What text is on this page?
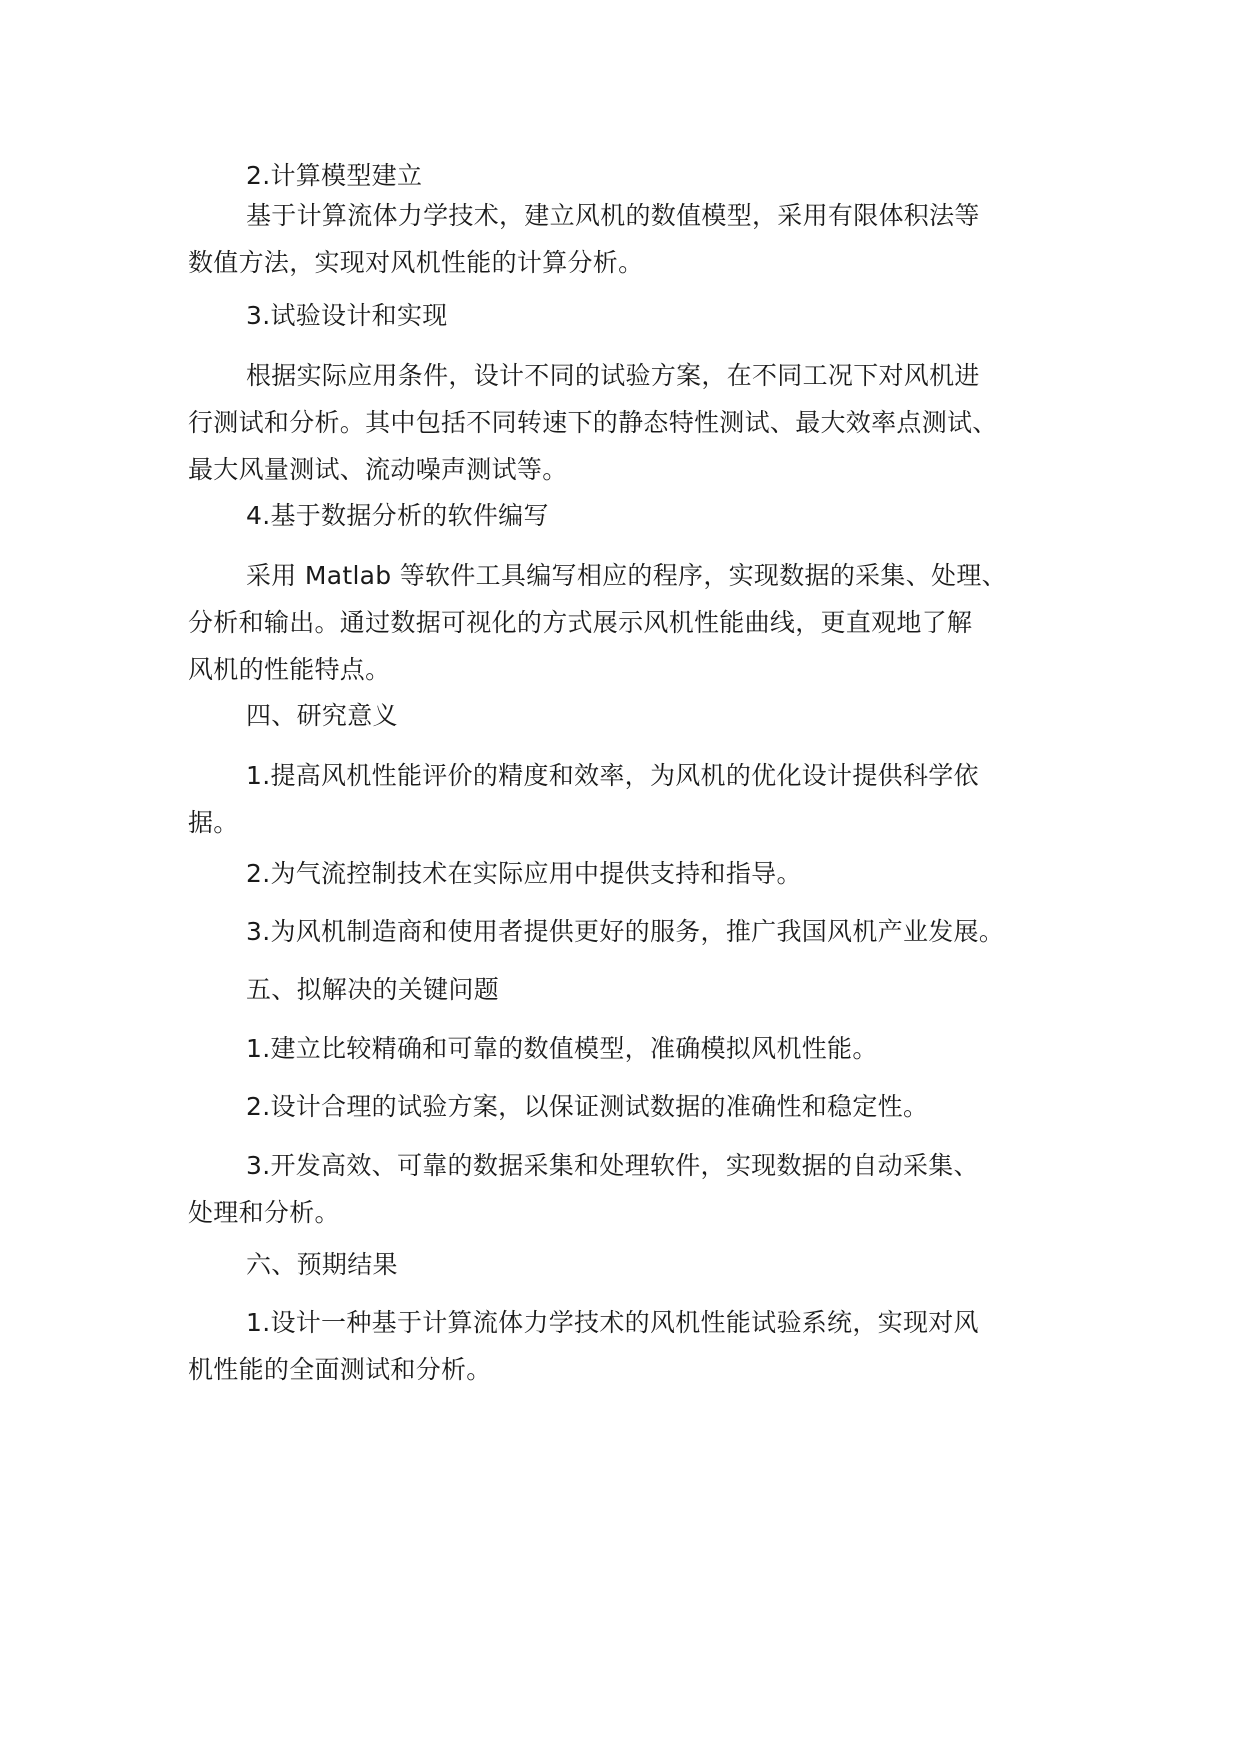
2.计算模型建立
基于计算流体力学技术，建立风机的数值模型，采用有限体积法等
数值方法，实现对风机性能的计算分析。
3.试验设计和实现
根据实际应用条件，设计不同的试验方案，在不同工况下对风机进
行测试和分析。其中包括不同转速下的静态特性测试、最大效率点测试、
最大风量测试、流动噪声测试等。
4.基于数据分析的软件编写
采用 Matlab 等软件工具编写相应的程序，实现数据的采集、处理、
分析和输出。通过数据可视化的方式展示风机性能曲线，更直观地了解
风机的性能特点。
四、研究意义
1.提高风机性能评价的精度和效率，为风机的优化设计提供科学依
据。
2.为气流控制技术在实际应用中提供支持和指导。
3.为风机制造商和使用者提供更好的服务，推广我国风机产业发展。
五、拟解决的关键问题
1.建立比较精确和可靠的数值模型，准确模拟风机性能。
2.设计合理的试验方案，以保证测试数据的准确性和稳定性。
3.开发高效、可靠的数据采集和处理软件，实现数据的自动采集、
处理和分析。
六、预期结果
1.设计一种基于计算流体力学技术的风机性能试验系统，实现对风
机性能的全面测试和分析。
